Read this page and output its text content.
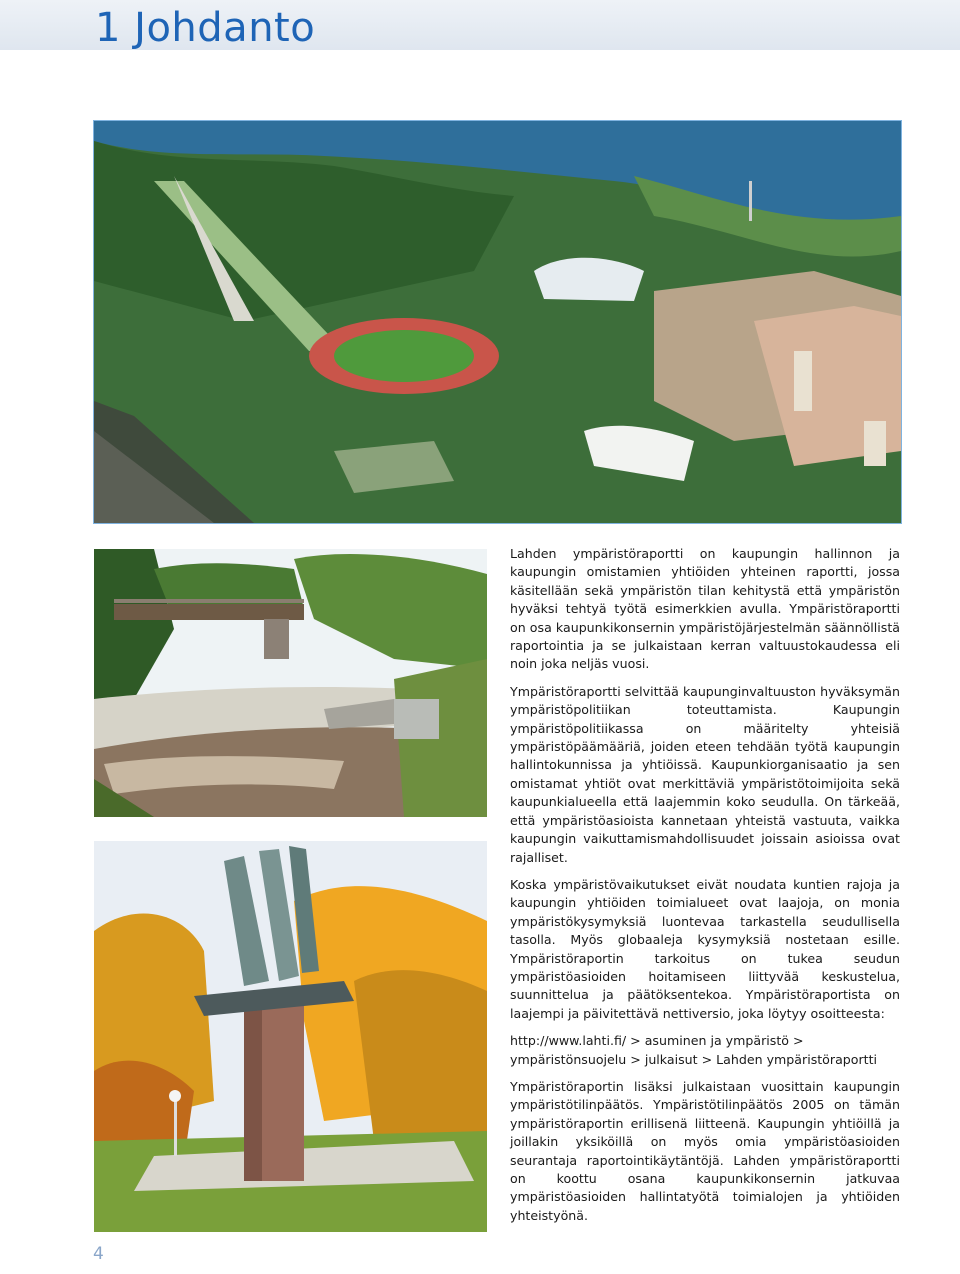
1 Johdanto

Lahden ympäristöraportti on kaupungin hallinnon ja kaupungin omistamien yhtiöiden yhteinen raportti, jossa käsitellään sekä ympäristön tilan kehitystä että ympäristön hyväksi tehtyä työtä esimerkkien avulla. Ympäristöraportti on osa kaupunkikonsernin ympäristöjärjestelmän säännöllistä raportointia ja se julkaistaan kerran valtuustokaudessa eli noin joka neljäs vuosi.

Ympäristöraportti selvittää kaupunginvaltuuston hyväksymän ympäristöpolitiikan toteuttamista. Kaupungin ympäristöpolitiikassa on määritelty yhteisiä ympäristöpäämääriä, joiden eteen tehdään työtä kaupungin hallintokunnissa ja yhtiöissä. Kaupunkiorganisaatio ja sen omistamat yhtiöt ovat merkittäviä ympäristötoimijoita sekä kaupunkialueella että laajemmin koko seudulla. On tärkeää, että ympäristöasioista kannetaan yhteistä vastuuta, vaikka kaupungin vaikuttamismahdollisuudet joissain asioissa ovat rajalliset.

Koska ympäristövaikutukset eivät noudata kuntien rajoja ja kaupungin yhtiöiden toimialueet ovat laajoja, on monia ympäristökysymyksiä luontevaa tarkastella seudullisella tasolla. Myös globaaleja kysymyksiä nostetaan esille. Ympäristöraportin tarkoitus on tukea seudun ympäristöasioiden hoitamiseen liittyvää keskustelua, suunnittelua ja päätöksentekoa. Ympäristöraportista on laajempi ja päivitettävä nettiversio, joka löytyy osoitteesta:

http://www.lahti.fi/ > asuminen ja ympäristö > ympäristönsuojelu > julkaisut > Lahden ympäristöraportti

Ympäristöraportin lisäksi julkaistaan vuosittain kaupungin ympäristötilinpäätös. Ympäristötilinpäätös 2005 on tämän ympäristöraportin erillisenä liitteenä. Kaupungin yhtiöillä ja joillakin yksiköillä on myös omia ympäristöasioiden seurantaja raportointikäytäntöjä. Lahden ympäristöraportti on koottu osana kaupunkikonsernin jatkuvaa ympäristöasioiden hallintatyötä toimialojen ja yhtiöiden yhteistyönä.

4
